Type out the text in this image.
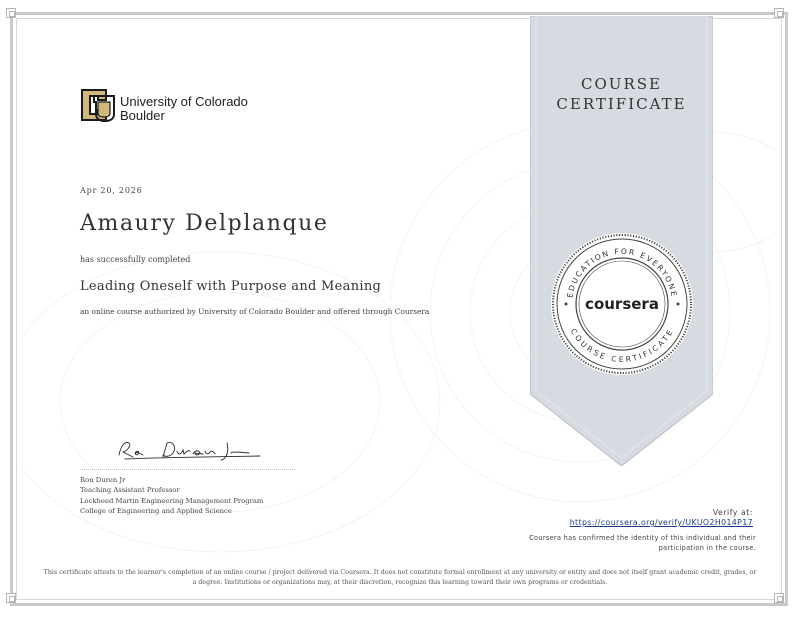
COURSE
CERTIFICATE
EDUCATION FOR EVERYONE
COURSE CERTIFICATE
coursera
University of Colorado
Boulder
Apr 20, 2026
Amaury Delplanque
has successfully completed
Leading Oneself with Purpose and Meaning
an online course authorized by University of Colorado Boulder and offered through Coursera
Ron Duren Jr
Teaching Assistant Professor
Lockheed Martin Engineering Management Program
College of Engineering and Applied Science	Verify at:
https://coursera.org/verify/UKUO2H014P17
Coursera has confirmed the identity of this individual and their
participation in the course.
This certificate attests to the learner's completion of an online course / project delivered via Coursera. It does not constitute formal enrollment at any university or entity and does not itself grant academic credit, grades, or
a degree. Institutions or organizations may, at their discretion, recognize this learning toward their own programs or credentials.
